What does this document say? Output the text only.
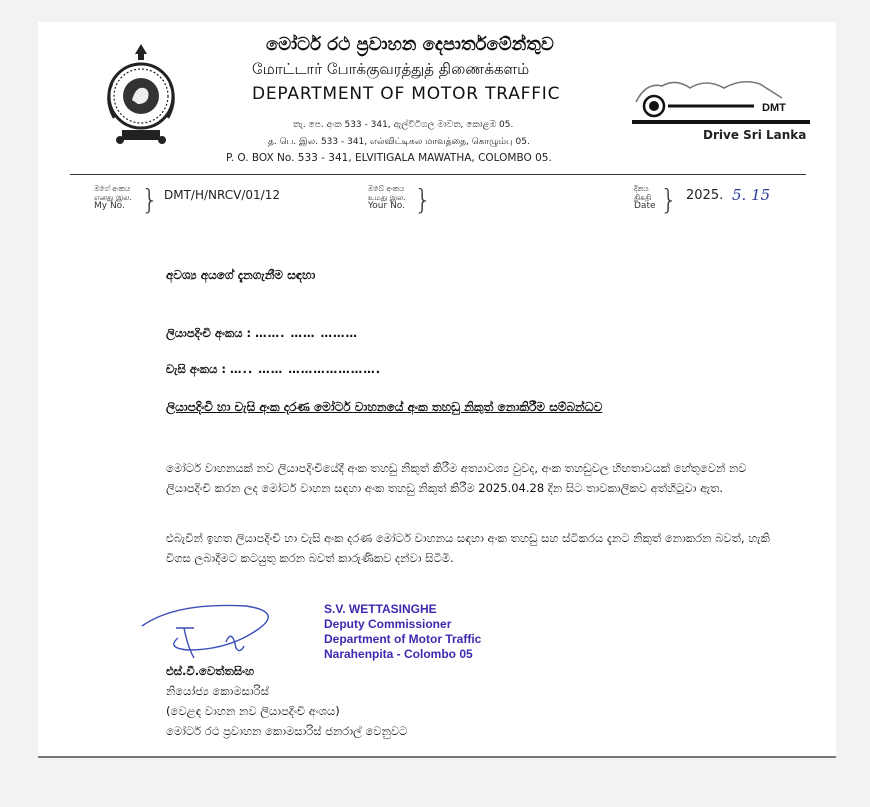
මෝටර් රථ ප්‍රවාහන දෙපාර්තමේන්තුව
மோட்டார் போக்குவரத்துத் திணைக்களம்
DEPARTMENT OF MOTOR TRAFFIC
තැ. පෙ. අංක 533 - 341, ඇල්විටිගල මාවත, කොළඹ 05.
த. பெ. இல. 533 - 341, எல்விட்டிகல மாவத்தை, கொழும்பு 05.
P. O. BOX No. 533 - 341, ELVITIGALA MAWATHA, COLOMBO 05.
DMT
Drive Sri Lanka
මගේ අංකය
எனது இல.
My No. } DMT/H/NRCV/01/12	ඔබේ අංකය
உமது இல.
Your No. }	දිනය
திகதி
Date } 2025. 5. 15
අවශ්‍ය අයගේ දැනගැනීම සඳහා
ලියාපදිංචි අංකය : ……. …… ………
චැසි අංකය : ….. …… ………………….
ලියාපදිංචි හා චැසි අංක දරණ මෝටර් වාහනයේ අංක තහඩු නිකුත් නොකිරීම සම්බන්ධව
මෝටර් වාහනයක් නව ලියාපදිංචියේදී අංක තහඩු නිකුත් කිරීම අත්‍යාවශ්‍ය වුවද, අංක තහඩුවල හිඟතාවයක් හේතුවෙන් නව ලියාපදිංචි කරන ලද මෝටර් වාහන සඳහා අංක තහඩු නිකුත් කිරීම 2025.04.28 දින සිට තාවකාලිකව අත්හිටුවා ඇත.
එබැවින් ඉහත ලියාපදිංචි හා චැසි අංක දරණ මෝටර් වාහනය සඳහා අංක තහඩු සහ ස්ටිකරය දැනට නිකුත් නොකරන බවත්, හැකි විගස ලබාදීමට කටයුතු කරන බවත් කාරුණිකව දන්වා සිටිමි.
S.V. WETTASINGHE
Deputy Commissioner
Department of Motor Traffic
Narahenpita - Colombo 05
එස්.වී.වෙත්තසිංහ
නියෝජ්‍ය කොමසාරිස්
(වෙළඳ වාහන නව ලියාපදිංචි අංශය)
මෝටර් රථ ප්‍රවාහන කොමසාරිස් ජනරාල් වෙනුවට
